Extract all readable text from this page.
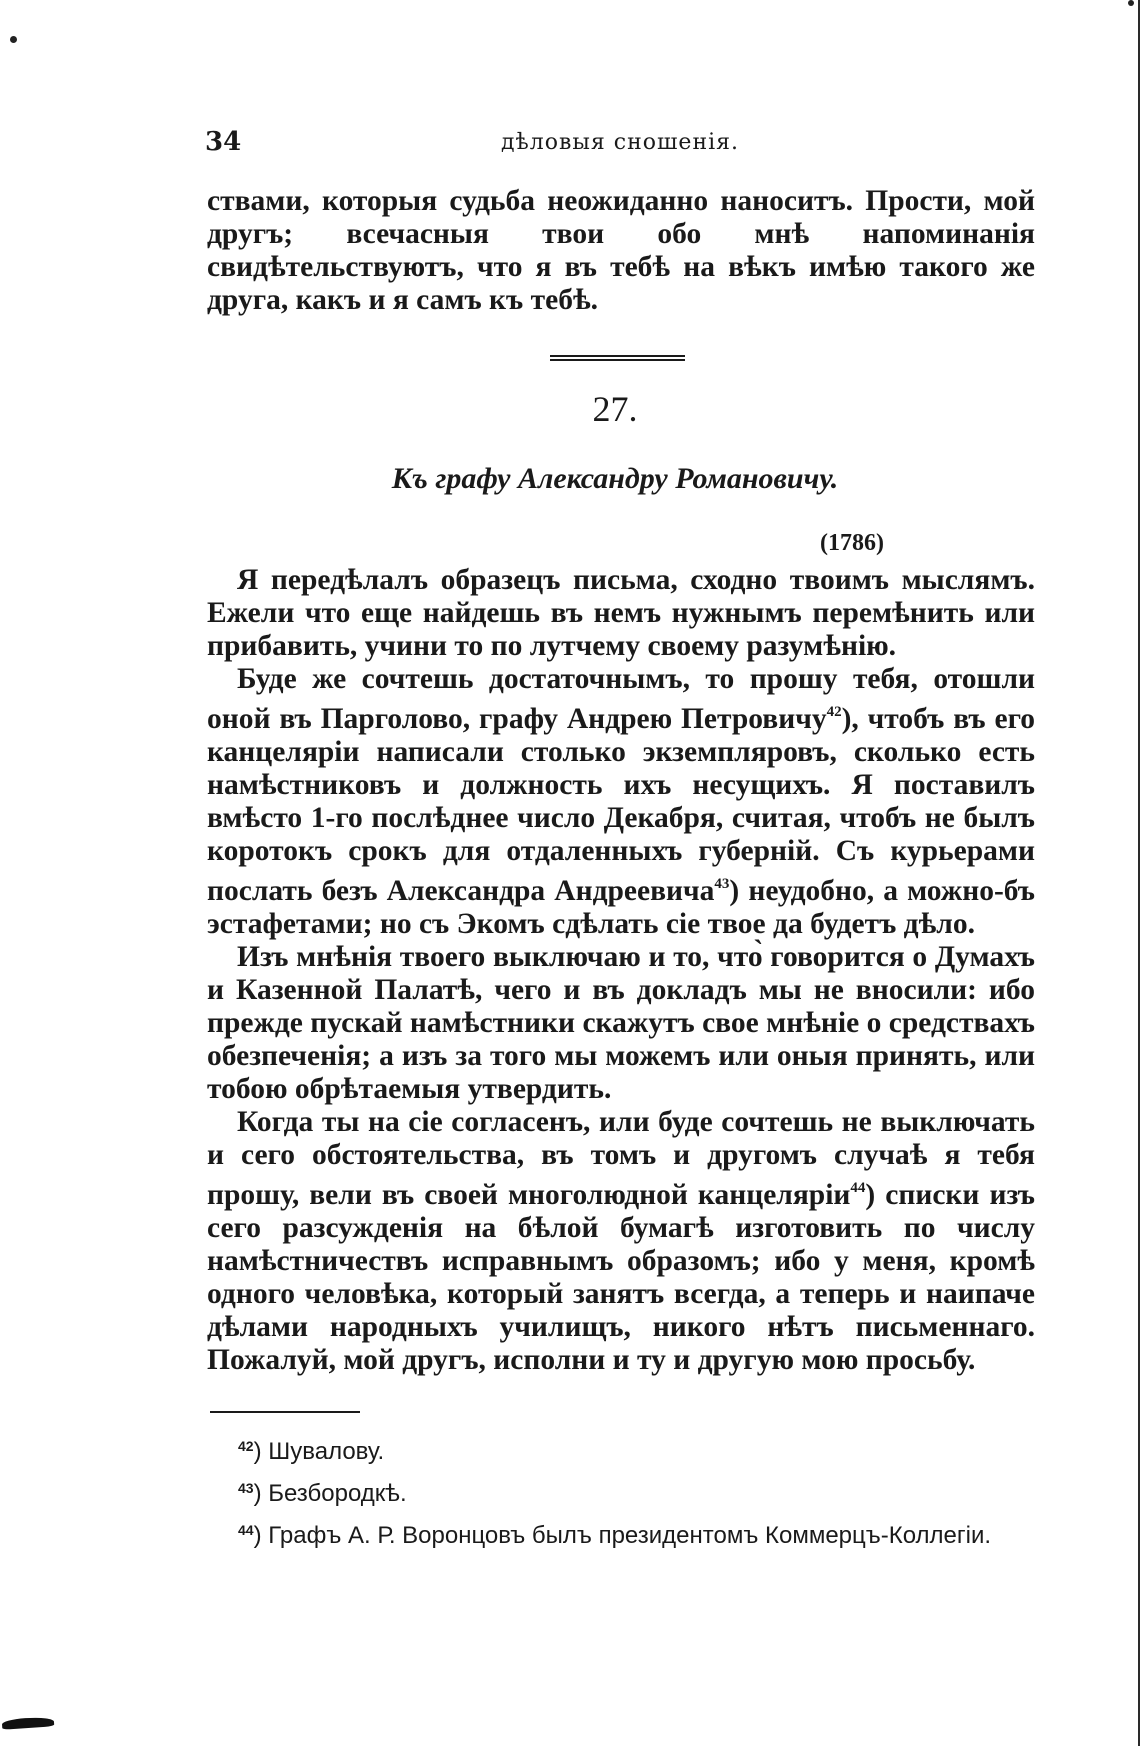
34	дѣловыя сношенія.

ствами, которыя судьба неожиданно наноситъ. Прости, мой другъ; всечасныя твои обо мнѣ напоминанія свидѣтельствуютъ, что я въ тебѣ на вѣкъ имѣю такого же друга, какъ и я самъ къ тебѣ.

27.
Къ графу Александру Романовичу.
(1786)

Я передѣлалъ образецъ письма, сходно твоимъ мыслямъ. Ежели что еще найдешь въ немъ нужнымъ перемѣнить или прибавить, учини то по лутчему своему разумѣнію.

Буде же сочтешь достаточнымъ, то прошу тебя, отошли оной въ Парголово, графу Андрею Петровичу$^{42}$), чтобъ въ его канцеляріи написали столько экземпляровъ, сколько есть намѣстниковъ и должность ихъ несущихъ. Я поставилъ вмѣсто 1-го послѣднее число Декабря, считая, чтобъ не былъ коротокъ срокъ для отдаленныхъ губерній. Съ курьерами послать безъ Александра Андреевича$^{43}$) неудобно, а можно-бъ эстафетами; но съ Экомъ сдѣлать сіе твое да будетъ дѣло.

Изъ мнѣнія твоего выключаю и то, что̀ говорится о Думахъ и Казенной Палатѣ, чего и въ докладъ мы не вносили: ибо прежде пускай намѣстники скажутъ свое мнѣніе о средствахъ обезпеченія; а изъ за того мы можемъ или оныя принять, или тобою обрѣтаемыя утвердить.

Когда ты на сіе согласенъ, или буде сочтешь не выключать и сего обстоятельства, въ томъ и другомъ случаѣ я тебя прошу, вели въ своей многолюдной канцеляріи$^{44}$) списки изъ сего разсужденія на бѣлой бумагѣ изготовить по числу намѣстничествъ исправнымъ образомъ; ибо у меня, кромѣ одного человѣка, который занятъ всегда, а теперь и наипаче дѣлами народныхъ училищъ, никого нѣтъ письменнаго. Пожалуй, мой другъ, исполни и ту и другую мою просьбу.

$^{42}$) Шувалову.
$^{43}$) Безбородкѣ.
$^{44}$) Графъ А. Р. Воронцовъ былъ президентомъ Коммерцъ-Коллегіи.
